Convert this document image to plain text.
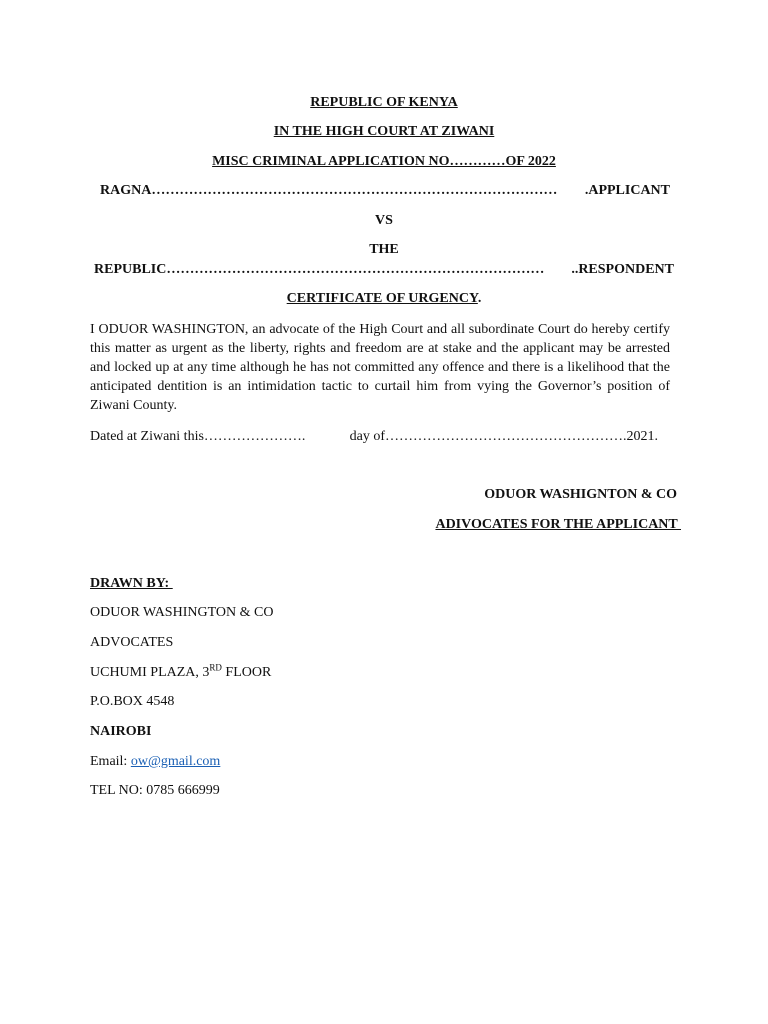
REPUBLIC OF KENYA
IN THE HIGH COURT AT ZIWANI
MISC CRIMINAL APPLICATION NO…………OF 2022
RAGNA ……………………………………………………………………………	.APPLICANT
VS
THE
REPUBLIC ………………………………………………………………………	..RESPONDENT
CERTIFICATE OF URGENCY.
I ODUOR WASHINGTON, an advocate of the High Court and all subordinate Court do hereby certify this matter as urgent as the liberty, rights and freedom are at stake and the applicant may be arrested and locked up at any time although he has not committed any offence and there is a likelihood that the anticipated dentition is an intimidation tactic to curtail him from vying the Governor’s position of Ziwani County.
Dated at Ziwani this ………………….	day of ……………………………………………. 2021.
ODUOR WASHIGNTON & CO
ADIVOCATES FOR THE APPLICANT
DRAWN BY:
ODUOR WASHINGTON & CO
ADVOCATES
UCHUMI PLAZA, 3RD FLOOR
P.O.BOX 4548
NAIROBI
Email: ow@gmail.com
TEL NO: 0785 666999
